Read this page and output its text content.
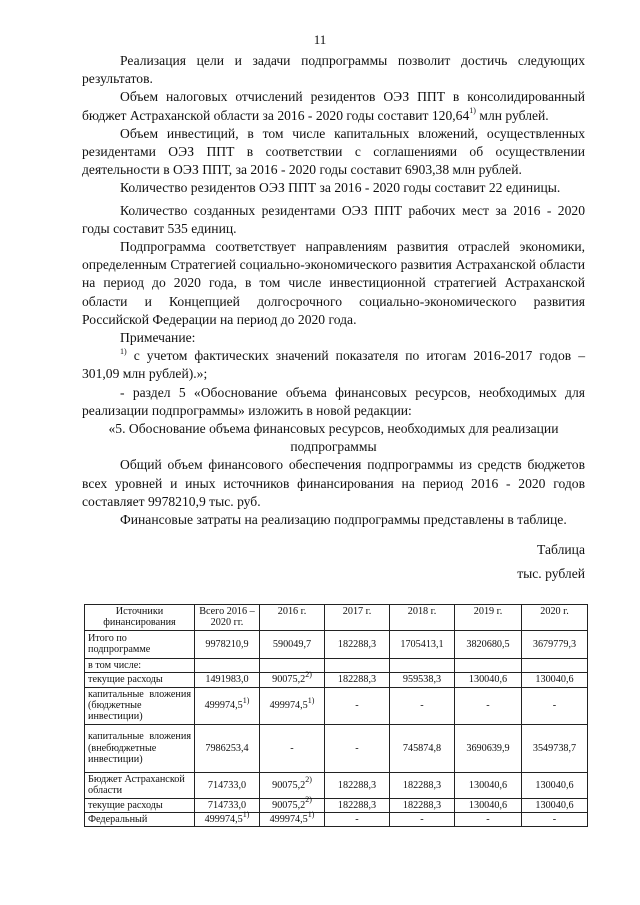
11

Реализация цели и задачи подпрограммы позволит достичь следующих результатов.

Объем налоговых отчислений резидентов ОЭЗ ППТ в консолидированный бюджет Астраханской области за 2016 - 2020 годы составит 120,64$^{1)}$ млн рублей.

Объем инвестиций, в том числе капитальных вложений, осуществленных резидентами ОЭЗ ППТ в соответствии с соглашениями об осуществлении деятельности в ОЭЗ ППТ, за 2016 - 2020 годы составит 6903,38 млн рублей.

Количество резидентов ОЭЗ ППТ за 2016 - 2020 годы составит 22 единицы.

Количество созданных резидентами ОЭЗ ППТ рабочих мест за 2016 - 2020 годы составит 535 единиц.

Подпрограмма соответствует направлениям развития отраслей экономики, определенным Стратегией социально-экономического развития Астраханской области на период до 2020 года, в том числе инвестиционной стратегией Астраханской области и Концепцией долгосрочного социально-экономического развития Российской Федерации на период до 2020 года.

Примечание:

$^{1)}$ с учетом фактических значений показателя по итогам 2016-2017 годов – 301,09 млн рублей).»;

- раздел 5 «Обоснование объема финансовых ресурсов, необходимых для реализации подпрограммы» изложить в новой редакции:

«5. Обоснование объема финансовых ресурсов, необходимых для реализации подпрограммы

Общий объем финансового обеспечения подпрограммы из средств бюджетов всех уровней и иных источников финансирования на период 2016 - 2020 годов составляет 9978210,9 тыс. руб.

Финансовые затраты на реализацию подпрограммы представлены в таблице.

Таблица

тыс. рублей

Источники финансирования	Всего 2016 – 2020 гг.	2016 г.	2017 г.	2018 г.	2019 г.	2020 г.
Итого по подпрограмме	9978210,9	590049,7	182288,3	1705413,1	3820680,5	3679779,3
в том числе:						
текущие расходы	1491983,0	90075,2$^{2)}$	182288,3	959538,3	130040,6	130040,6
капитальные вложения (бюджетные инвестиции)	499974,5$^{1)}$	499974,5$^{1)}$	-	-	-	-
капитальные вложения (внебюджетные инвестиции)	7986253,4	-	-	745874,8	3690639,9	3549738,7
Бюджет Астраханской области	714733,0	90075,2$^{2)}$	182288,3	182288,3	130040,6	130040,6
текущие расходы	714733,0	90075,2$^{2)}$	182288,3	182288,3	130040,6	130040,6
Федеральный	499974,5$^{1)}$	499974,5$^{1)}$	-	-	-	-
